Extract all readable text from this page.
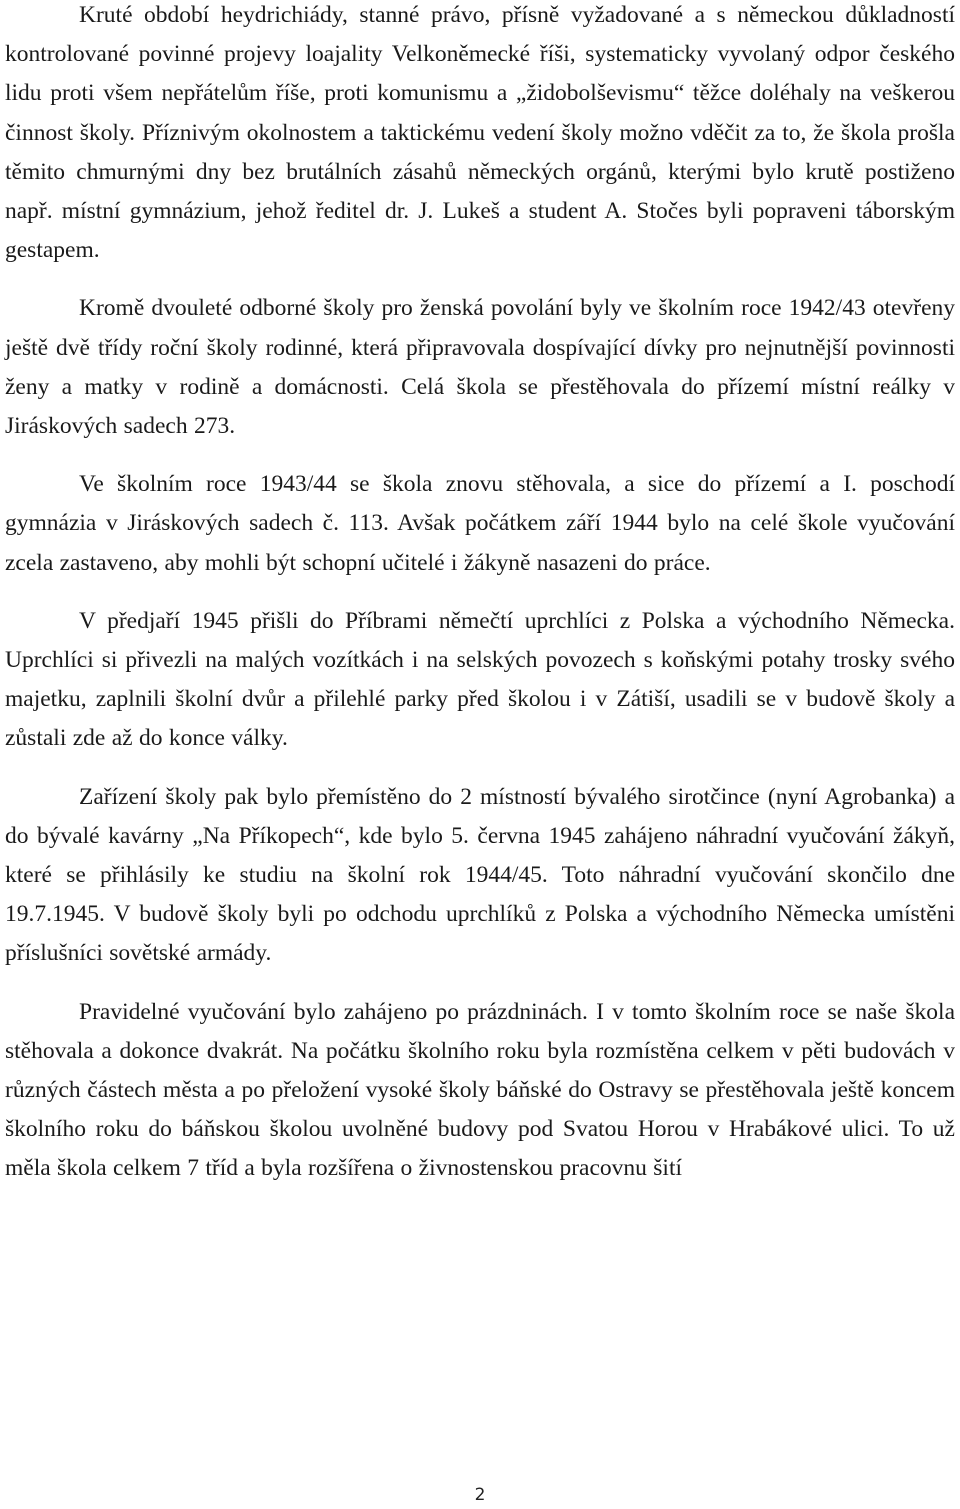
Kruté období heydrichiády, stanné právo, přísně vyžadované a s německou důkladností kontrolované povinné projevy loajality Velkoněmecké říši, systematicky vyvolaný odpor českého lidu proti všem nepřátelům říše, proti komunismu a „židobolševismu“ těžce doléhaly na veškerou činnost školy. Příznivým okolnostem a taktickému vedení školy možno vděčit za to, že škola prošla těmito chmurnými dny bez brutálních zásahů německých orgánů, kterými bylo krutě postiženo např. místní gymnázium, jehož ředitel dr. J. Lukeš a student A. Stočes byli popraveni táborským gestapem.

Kromě dvouleté odborné školy pro ženská povolání byly ve školním roce 1942/43 otevřeny ještě dvě třídy roční školy rodinné, která připravovala dospívající dívky pro nejnutnější povinnosti ženy a matky v rodině a domácnosti. Celá škola se přestěhovala do přízemí místní reálky v Jiráskových sadech 273.

Ve školním roce 1943/44 se škola znovu stěhovala, a sice do přízemí a I. poschodí gymnázia v Jiráskových sadech č. 113. Avšak počátkem září 1944 bylo na celé škole vyučování zcela zastaveno, aby mohli být schopní učitelé i žákyně nasazeni do práce.

V předjaří 1945 přišli do Příbrami němečtí uprchlíci z Polska a východního Německa. Uprchlíci si přivezli na malých vozítkách i na selských povozech s koňskými potahy trosky svého majetku, zaplnili školní dvůr a přilehlé parky před školou i v Zátiší, usadili se v budově školy a zůstali zde až do konce války.

Zařízení školy pak bylo přemístěno do 2 místností bývalého sirotčince (nyní Agrobanka) a do bývalé kavárny „Na Příkopech“, kde bylo 5. června 1945 zahájeno náhradní vyučování žákyň, které se přihlásily ke studiu na školní rok 1944/45. Toto náhradní vyučování skončilo dne 19.7.1945. V budově školy byli po odchodu uprchlíků z Polska a východního Německa umístěni příslušníci sovětské armády.

Pravidelné vyučování bylo zahájeno po prázdninách. I v tomto školním roce se naše škola stěhovala a dokonce dvakrát. Na počátku školního roku byla rozmístěna celkem v pěti budovách v různých částech města a po přeložení vysoké školy báňské do Ostravy se přestěhovala ještě koncem školního roku do báňskou školou uvolněné budovy pod Svatou Horou v Hrabákové ulici. To už měla škola celkem 7 tříd a byla rozšířena o živnostenskou pracovnu šití

2
